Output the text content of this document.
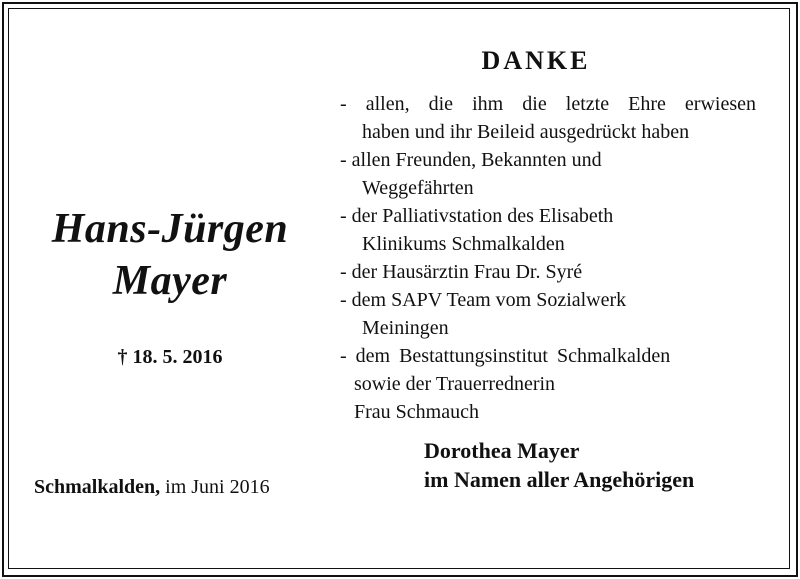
Hans-Jürgen
Mayer
† 18. 5. 2016
Schmalkalden, im Juni 2016
DANKE
- allen, die ihm die letzte Ehre erwiesen
haben und ihr Beileid ausgedrückt haben
- allen Freunden, Bekannten und
Weggefährten
- der Palliativstation des Elisabeth
Klinikums Schmalkalden
- der Hausärztin Frau Dr. Syré
- dem SAPV Team vom Sozialwerk
Meiningen
- dem Bestattungsinstitut Schmalkalden
sowie der Trauerrednerin
Frau Schmauch
Dorothea Mayer
im Namen aller Angehörigen
